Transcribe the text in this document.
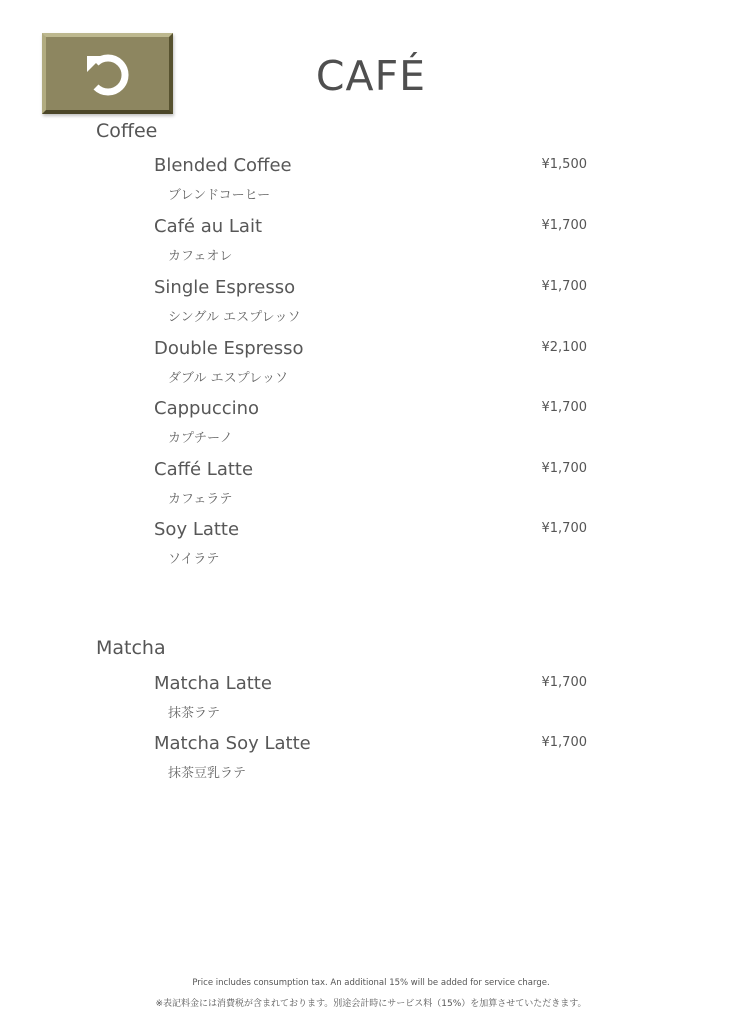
CAFÉ
Coffee
Blended Coffee	¥1,500
ブレンドコーヒー
Café au Lait	¥1,700
カフェオレ
Single Espresso	¥1,700
シングル エスプレッソ
Double Espresso	¥2,100
ダブル エスプレッソ
Cappuccino	¥1,700
カプチーノ
Caffé Latte	¥1,700
カフェラテ
Soy Latte	¥1,700
ソイラテ
Matcha
Matcha Latte	¥1,700
抹茶ラテ
Matcha Soy Latte	¥1,700
抹茶豆乳ラテ
Price includes consumption tax. An additional 15% will be added for service charge.
※表記料金には消費税が含まれております。別途会計時にサービス料（15%）を加算させていただきます。
